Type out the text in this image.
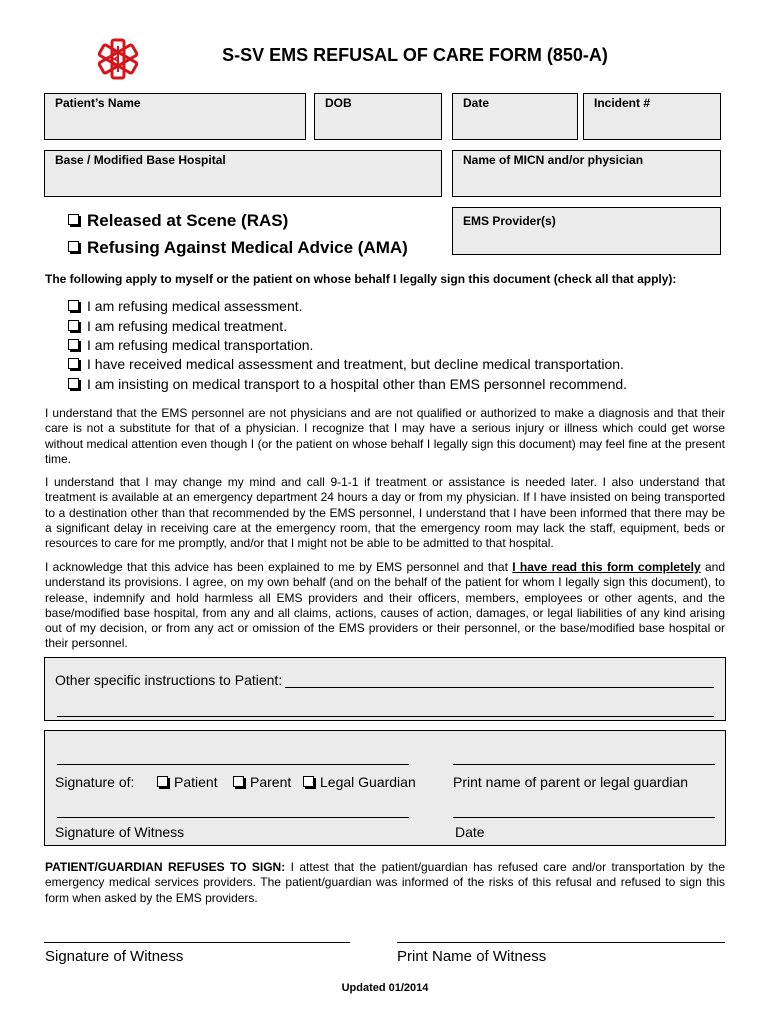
S-SV EMS REFUSAL OF CARE FORM (850-A)
Patient’s Name	DOB	Date	Incident #
Base / Modified Base Hospital	Name of MICN and/or physician
EMS Provider(s)
Released at Scene (RAS)
Refusing Against Medical Advice (AMA)
The following apply to myself or the patient on whose behalf I legally sign this document (check all that apply):
I am refusing medical assessment.
I am refusing medical treatment.
I am refusing medical transportation.
I have received medical assessment and treatment, but decline medical transportation.
I am insisting on medical transport to a hospital other than EMS personnel recommend.
I understand that the EMS personnel are not physicians and are not qualified or authorized to make a diagnosis and that their care is not a substitute for that of a physician. I recognize that I may have a serious injury or illness which could get worse without medical attention even though I (or the patient on whose behalf I legally sign this document) may feel fine at the present time.
I understand that I may change my mind and call 9-1-1 if treatment or assistance is needed later. I also understand that treatment is available at an emergency department 24 hours a day or from my physician. If I have insisted on being transported to a destination other than that recommended by the EMS personnel, I understand that I have been informed that there may be a significant delay in receiving care at the emergency room, that the emergency room may lack the staff, equipment, beds or resources to care for me promptly, and/or that I might not be able to be admitted to that hospital.
I acknowledge that this advice has been explained to me by EMS personnel and that I have read this form completely and understand its provisions. I agree, on my own behalf (and on the behalf of the patient for whom I legally sign this document), to release, indemnify and hold harmless all EMS providers and their officers, members, employees or other agents, and the base/modified base hospital, from any and all claims, actions, causes of action, damages, or legal liabilities of any kind arising out of my decision, or from any act or omission of the EMS providers or their personnel, or the base/modified base hospital or their personnel.
Other specific instructions to Patient:
Signature of:	Patient	Parent	Legal Guardian	Print name of parent or legal guardian
Signature of Witness	Date
PATIENT/GUARDIAN REFUSES TO SIGN: I attest that the patient/guardian has refused care and/or transportation by the emergency medical services providers. The patient/guardian was informed of the risks of this refusal and refused to sign this form when asked by the EMS providers.
Signature of Witness	Print Name of Witness
Updated 01/2014
